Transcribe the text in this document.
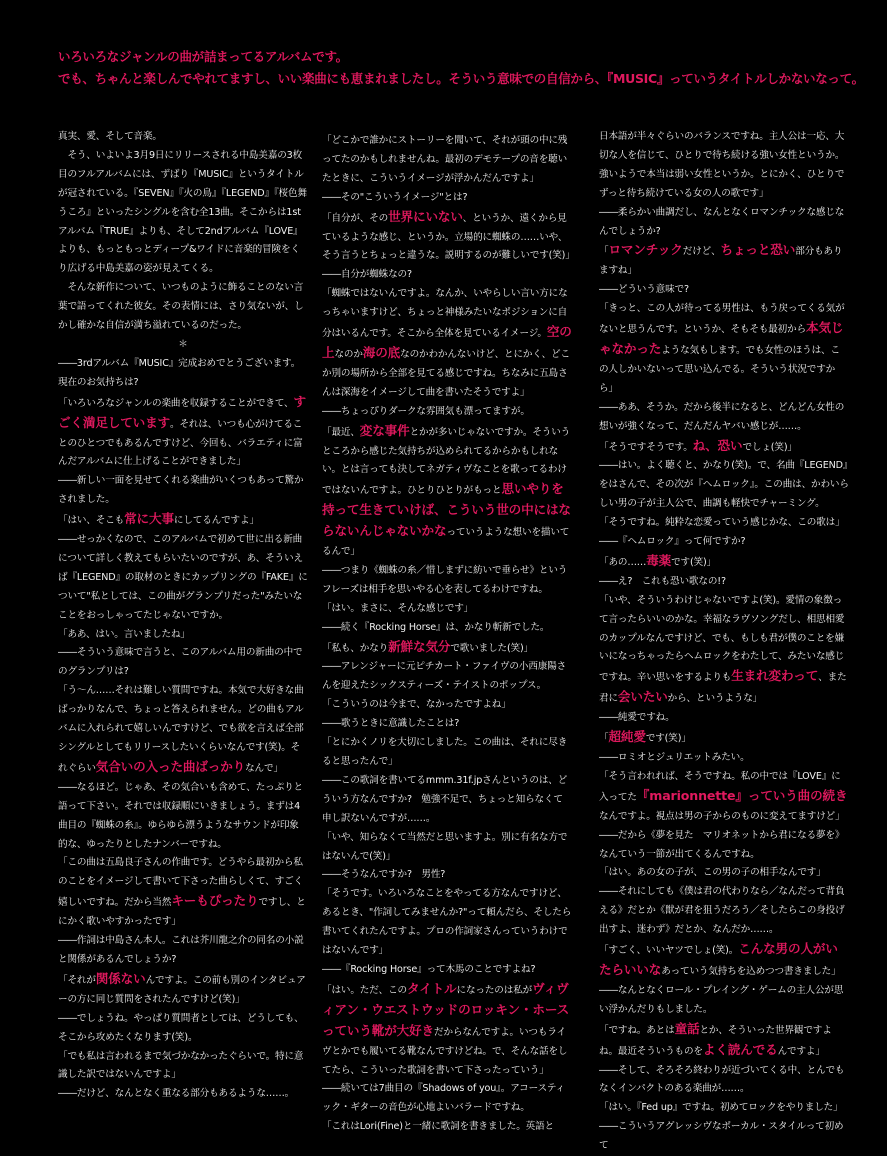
いろいろなジャンルの曲が詰まってるアルバムです。

でも、ちゃんと楽しんでやれてますし、いい楽曲にも恵まれましたし。そういう意味での自信から、『MUSIC』っていうタイトルしかないなって。

真実、愛、そして音楽。

　そう、いよいよ3月9日にリリースされる中島美嘉の3枚目のフルアルバムには、ずばり『MUSIC』というタイトルが冠されている。『SEVEN』『火の鳥』『LEGEND』『桜色舞うころ』といったシングルを含む全13曲。そこからは1stアルバム『TRUE』よりも、そして2ndアルバム『LOVE』よりも、もっともっとディープ&ワイドに音楽的冒険をくり広げる中島美嘉の姿が見えてくる。

　そんな新作について、いつものように飾ることのない言葉で語ってくれた彼女。その表情には、さり気ないが、しかし確かな自信が満ち溢れているのだった。

＊

――3rdアルバム『MUSIC』完成おめでとうございます。現在のお気持ちは?

「いろいろなジャンルの楽曲を収録することができて、すごく満足しています。それは、いつも心がけてることのひとつでもあるんですけど、今回も、バラエティに富んだアルバムに仕上げることができました」

――新しい一面を見せてくれる楽曲がいくつもあって驚かされました。

「はい、そこも常に大事にしてるんですよ」

――せっかくなので、このアルバムで初めて世に出る新曲について詳しく教えてもらいたいのですが、あ、そういえば『LEGEND』の取材のときにカップリングの『FAKE』について"私としては、この曲がグランプリだった"みたいなことをおっしゃってたじゃないですか。

「ああ、はい。言いましたね」

――そういう意味で言うと、このアルバム用の新曲の中でのグランプリは?

「う～ん……それは難しい質問ですね。本気で大好きな曲ばっかりなんで、ちょっと答えられません。どの曲もアルバムに入れられて嬉しいんですけど、でも欲を言えば全部シングルとしてもリリースしたいくらいなんです(笑)。それぐらい気合いの入った曲ばっかりなんで」

――なるほど。じゃあ、その気合いも含めて、たっぷりと語って下さい。それでは収録順にいきましょう。まずは4曲目の『蜘蛛の糸』。ゆらゆら漂うようなサウンドが印象的な、ゆったりとしたナンバーですね。

「この曲は五島良子さんの作曲です。どうやら最初から私のことをイメージして書いて下さった曲らしくて、すごく嬉しいですね。だから当然キーもぴったりですし、とにかく歌いやすかったです」

――作詞は中島さん本人。これは芥川龍之介の同名の小説と関係があるんでしょうか?

「それが関係ないんですよ。この前も別のインタビュアーの方に同じ質問をされたんですけど(笑)」

――でしょうね。やっぱり質問者としては、どうしても、そこから攻めたくなります(笑)。

「でも私は言われるまで気づかなかったぐらいで。特に意識した訳ではないんですよ」

――だけど、なんとなく重なる部分もあるような……。

「どこかで誰かにストーリーを聞いて、それが頭の中に残ってたのかもしれませんね。最初のデモテープの音を聴いたときに、こういうイメージが浮かんだんですよ」

――その"こういうイメージ"とは?

「自分が、その世界にいない、というか、遠くから見ているような感じ、というか。立場的に蜘蛛の……いや、そう言うとちょっと違うな。説明するのが難しいです(笑)」

――自分が蜘蛛なの?

「蜘蛛ではないんですよ。なんか、いやらしい言い方になっちゃいますけど、ちょっと神様みたいなポジションに自分はいるんです。そこから全体を見ているイメージ。空の上なのか海の底なのかわかんないけど、とにかく、どこか別の場所から全部を見てる感じですね。ちなみに五島さんは深海をイメージして曲を書いたそうですよ」

――ちょっぴりダークな雰囲気も漂ってますが。

「最近、変な事件とかが多いじゃないですか。そういうところから感じた気持ちが込められてるからかもしれない。とは言っても決してネガティヴなことを歌ってるわけではないんですよ。ひとりひとりがもっと思いやりを持って生きていけば、こういう世の中にはならないんじゃないかなっていうような想いを描いてるんで」

――つまり《蜘蛛の糸／惜しまずに紡いで垂らせ》というフレーズは相手を思いやる心を表してるわけですね。

「はい。まさに、そんな感じです」

――続く『Rocking Horse』は、かなり斬新でした。

「私も、かなり新鮮な気分で歌いました(笑)」

――アレンジャーに元ピチカート・ファイヴの小西康陽さんを迎えたシックスティーズ・テイストのポップス。

「こういうのは今まで、なかったですよね」

――歌うときに意識したことは?

「とにかくノリを大切にしました。この曲は、それに尽きると思ったんで」

――この歌詞を書いてるmmm.31f.jpさんというのは、どういう方なんですか?　勉強不足で、ちょっと知らなくて申し訳ないんですが……。

「いや、知らなくて当然だと思いますよ。別に有名な方ではないんで(笑)」

――そうなんですか?　男性?

「そうです。いろいろなことをやってる方なんですけど、あるとき、"作詞してみませんか?"って頼んだら、そしたら書いてくれたんですよ。プロの作詞家さんっていうわけではないんです」

――『Rocking Horse』って木馬のことですよね?

「はい。ただ、このタイトルになったのは私がヴィヴィアン・ウエストウッドのロッキン・ホースっていう靴が大好きだからなんですよ。いつもライヴとかでも履いてる靴なんですけどね。で、そんな話をしてたら、こういった歌詞を書いて下さったっていう」

――続いては7曲目の『Shadows of you』。アコースティック・ギターの音色が心地よいバラードですね。

「これはLori(Fine)と一緒に歌詞を書きました。英語と

日本語が半々ぐらいのバランスですね。主人公は一応、大切な人を信じて、ひとりで待ち続ける強い女性というか。強いようで本当は弱い女性というか。とにかく、ひとりでずっと待ち続けている女の人の歌です」

――柔らかい曲調だし、なんとなくロマンチックな感じなんでしょうか?

「ロマンチックだけど、ちょっと恐い部分もありますね」

――どういう意味で?

「きっと、この人が待ってる男性は、もう戻ってくる気がないと思うんです。というか、そもそも最初から本気じゃなかったような気もします。でも女性のほうは、この人しかいないって思い込んでる。そういう状況ですから」

――ああ、そうか。だから後半になると、どんどん女性の想いが強くなって、だんだんヤバい感じが……。

「そうですそうです。ね、恐いでしょ(笑)」

――はい。よく聴くと、かなり(笑)。で、名曲『LEGEND』をはさんで、その次が『ヘムロック』。この曲は、かわいらしい男の子が主人公で、曲調も軽快でチャーミング。

「そうですね。純粋な恋愛っていう感じかな、この歌は」

――『ヘムロック』って何ですか?

「あの……毒薬です(笑)」

――え?　これも恐い歌なの!?

「いや、そういうわけじゃないですよ(笑)。愛情の象徴って言ったらいいのかな。幸福なラヴソングだし、相思相愛のカップルなんですけど、でも、もしも君が僕のことを嫌いになっちゃったらヘムロックをわたして、みたいな感じですね。辛い思いをするよりも生まれ変わって、また君に会いたいから、というような」

――純愛ですね。

「超純愛です(笑)」

――ロミオとジュリエットみたい。

「そう言われれば、そうですね。私の中では『LOVE』に入ってた『marionnette』っていう曲の続きなんですよ。視点は男の子からのものに変えてますけど」

――だから《夢を見た　マリオネットから君になる夢を》なんていう一節が出てくるんですね。

「はい。あの女の子が、この男の子の相手なんです」

――それにしても《僕は君の代わりなら／なんだって背負える》だとか《獣が君を狙うだろう／そしたらこの身投げ出すよ、迷わず》だとか、なんだか……。

「すごく、いいヤツでしょ(笑)。こんな男の人がいたらいいなあっていう気持ちを込めつつ書きました」

――なんとなくロール・プレイング・ゲームの主人公が思い浮かんだりもしました。

「ですね。あとは童話とか、そういった世界観ですよね。最近そういうものをよく読んでるんですよ」

――そして、そろそろ終わりが近づいてくる中、とんでもなくインパクトのある楽曲が……。

「はい。『Fed up』ですね。初めてロックをやりました」

――こういうアグレッシヴなボーカル・スタイルって初めて
